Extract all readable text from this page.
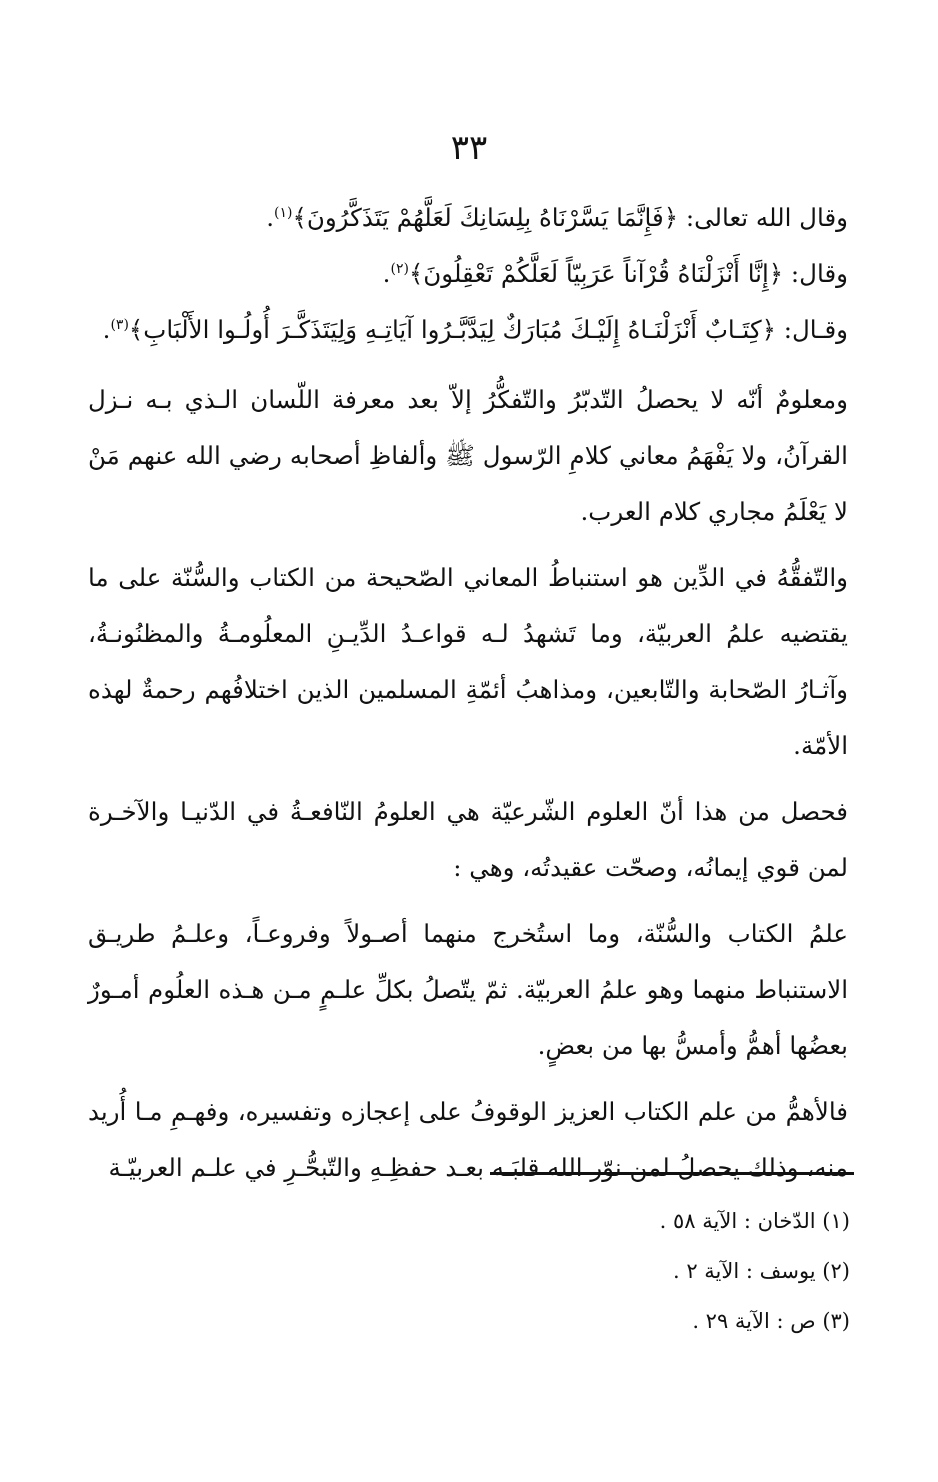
٣٣

وقال الله تعالى: ﴿فَإِنَّمَا يَسَّرْنَاهُ بِلِسَانِكَ لَعَلَّهُمْ يَتَذَكَّرُونَ﴾$^{(١)}$.

وقال: ﴿إِنَّا أَنْزَلْنَاهُ قُرْآناً عَرَبِيّاً لَعَلَّكُمْ تَعْقِلُونَ﴾$^{(٢)}$.

وقـال: ﴿كِتَـابٌ أَنْزَلْنَـاهُ إِلَيْـكَ مُبَارَكٌ لِيَدَّبَّـرُوا آيَاتِـهِ وَلِيَتَذَكَّـرَ أُولُـوا الأَلْبَابِ﴾$^{(٣)}$.

ومعلومٌ أنّه لا يحصلُ التّدبّرُ والتّفكُّرُ إلاّ بعد معرفة اللّسان الـذي بـه نـزل القرآنُ، ولا يَفْهَمُ معاني كلامِ الرّسول ﷺ وألفاظِ أصحابه رضي الله عنهم مَنْ لا يَعْلَمُ مجاري كلام العرب.

والتّفقُّهُ في الدِّين هو استنباطُ المعاني الصّحيحة من الكتاب والسُّنّة على ما يقتضيه علمُ العربيّة، وما تَشهدُ لـه قواعـدُ الدِّيـنِ المعلُومـةُ والمظنُونـةُ، وآثـارُ الصّحابة والتّابعين، ومذاهبُ أئمّةِ المسلمين الذين اختلافُهم رحمةٌ لهذه الأمّة.

فحصل من هذا أنّ العلوم الشّرعيّة هي العلومُ النّافعـةُ في الدّنيـا والآخـرة لمن قوي إيمانُه، وصحّت عقيدتُه، وهي :

علمُ الكتاب والسُّنّة، وما استُخرج منهما أصـولاً وفروعـاً، وعلـمُ طريـق الاستنباط منهما وهو علمُ العربيّة. ثمّ يتّصلُ بكلِّ علـمٍ مـن هـذه العلُوم أمـورٌ بعضُها أهمُّ وأمسُّ بها من بعضٍ.

فالأهمُّ من علم الكتاب العزيز الوقوفُ على إعجازه وتفسيره، وفهـمِ مـا أُريد منه، وذلك يحصلُ لمن نوّر الله قلبَـه بعـد حفظِـهِ والتّبحُّـرِ في علـم العربيّـة

(١) الدّخان : الآية ٥٨ .

(٢) يوسف : الآية ٢ .

(٣) ص : الآية ٢٩ .
